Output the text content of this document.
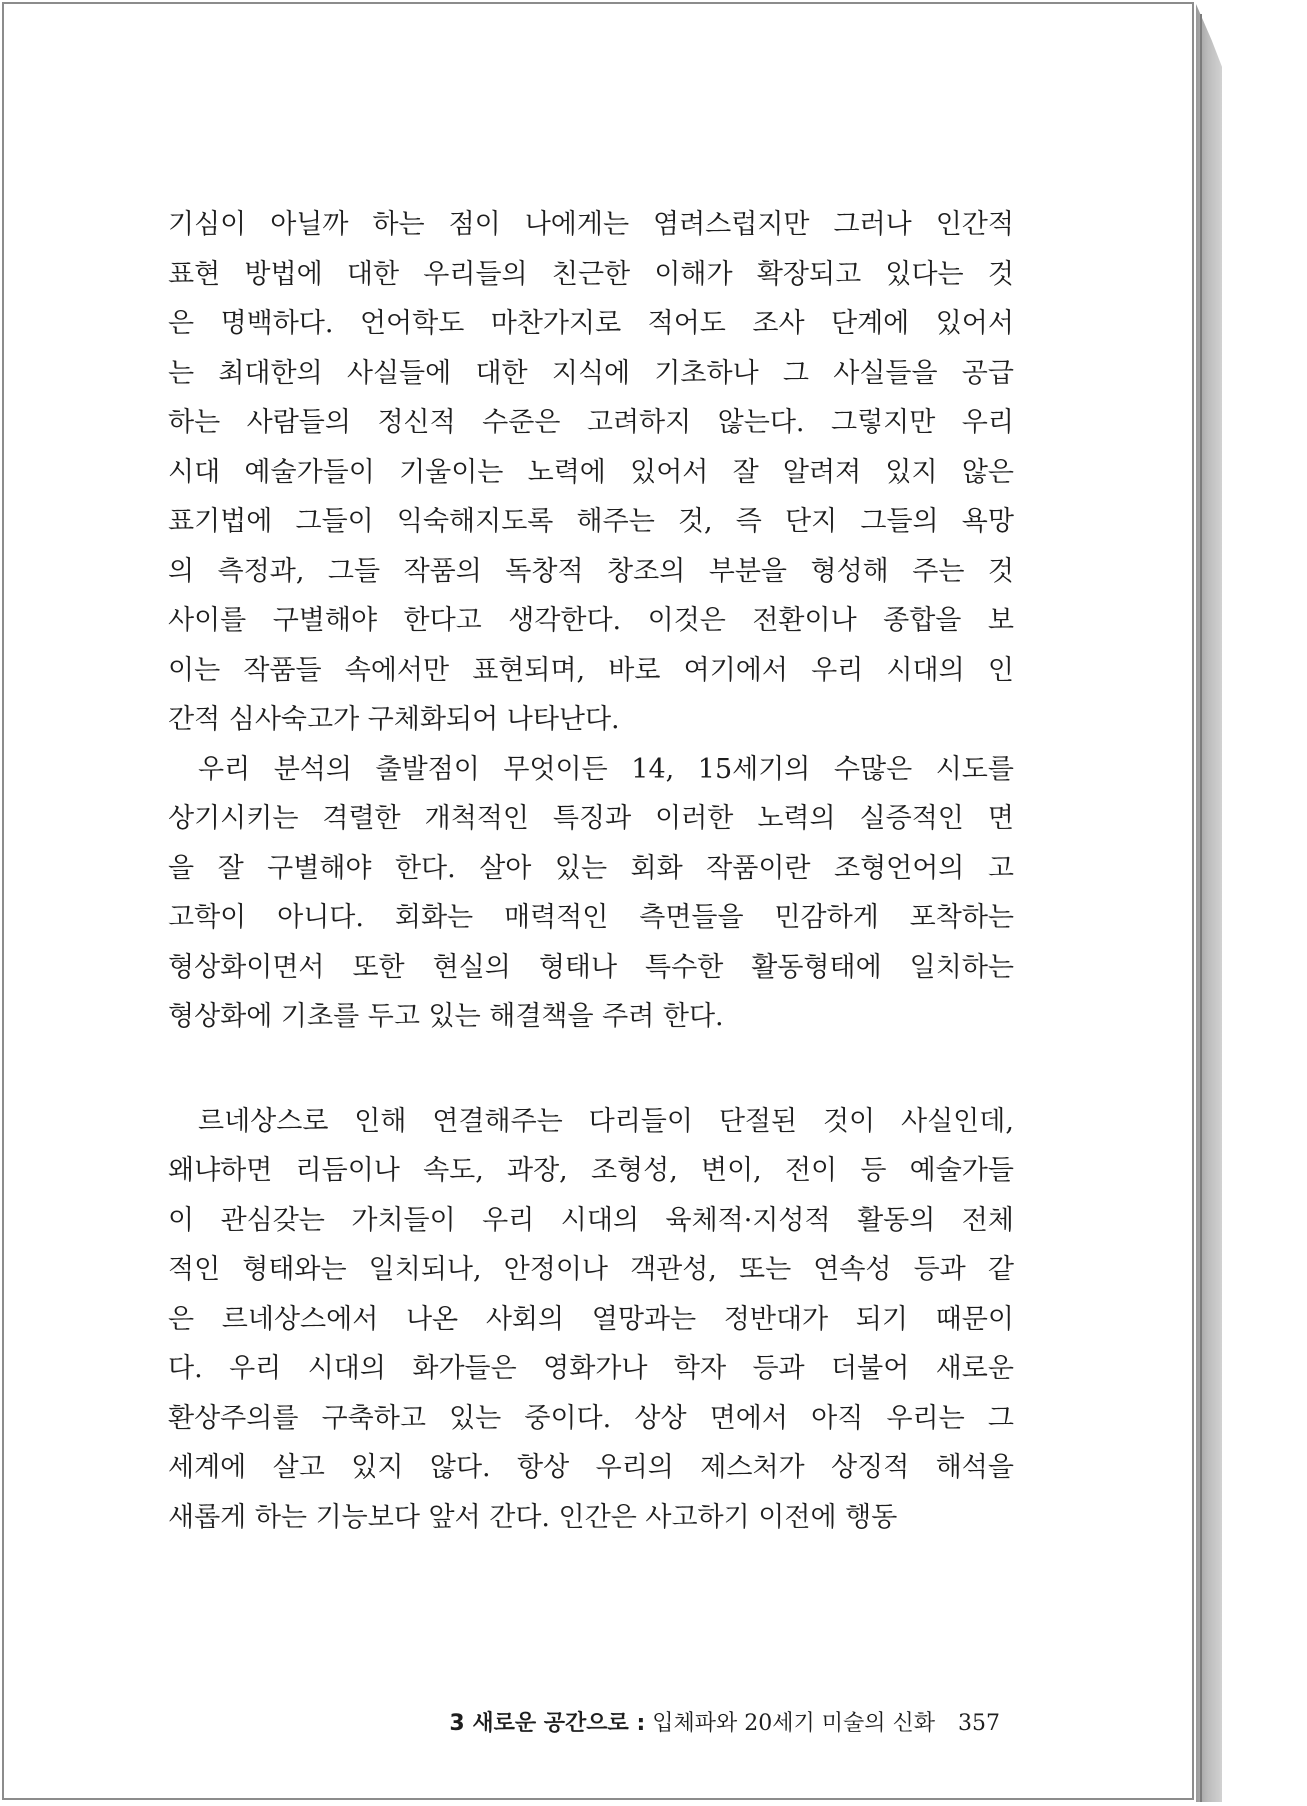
기심이 아닐까 하는 점이 나에게는 염려스럽지만 그러나 인간적
표현 방법에 대한 우리들의 친근한 이해가 확장되고 있다는 것
은 명백하다. 언어학도 마찬가지로 적어도 조사 단계에 있어서
는 최대한의 사실들에 대한 지식에 기초하나 그 사실들을 공급
하는 사람들의 정신적 수준은 고려하지 않는다. 그렇지만 우리
시대 예술가들이 기울이는 노력에 있어서 잘 알려져 있지 않은
표기법에 그들이 익숙해지도록 해주는 것, 즉 단지 그들의 욕망
의 측정과, 그들 작품의 독창적 창조의 부분을 형성해 주는 것
사이를 구별해야 한다고 생각한다. 이것은 전환이나 종합을 보
이는 작품들 속에서만 표현되며, 바로 여기에서 우리 시대의 인
간적 심사숙고가 구체화되어 나타난다.
우리 분석의 출발점이 무엇이든 14, 15세기의 수많은 시도를
상기시키는 격렬한 개척적인 특징과 이러한 노력의 실증적인 면
을 잘 구별해야 한다. 살아 있는 회화 작품이란 조형언어의 고
고학이 아니다. 회화는 매력적인 측면들을 민감하게 포착하는
형상화이면서 또한 현실의 형태나 특수한 활동형태에 일치하는
형상화에 기초를 두고 있는 해결책을 주려 한다.
르네상스로 인해 연결해주는 다리들이 단절된 것이 사실인데,
왜냐하면 리듬이나 속도, 과장, 조형성, 변이, 전이 등 예술가들
이 관심갖는 가치들이 우리 시대의 육체적·지성적 활동의 전체
적인 형태와는 일치되나, 안정이나 객관성, 또는 연속성 등과 같
은 르네상스에서 나온 사회의 열망과는 정반대가 되기 때문이
다. 우리 시대의 화가들은 영화가나 학자 등과 더불어 새로운
환상주의를 구축하고 있는 중이다. 상상 면에서 아직 우리는 그
세계에 살고 있지 않다. 항상 우리의 제스처가 상징적 해석을
새롭게 하는 기능보다 앞서 간다. 인간은 사고하기 이전에 행동
3 새로운 공간으로 : 입체파와 20세기 미술의 신화 357
